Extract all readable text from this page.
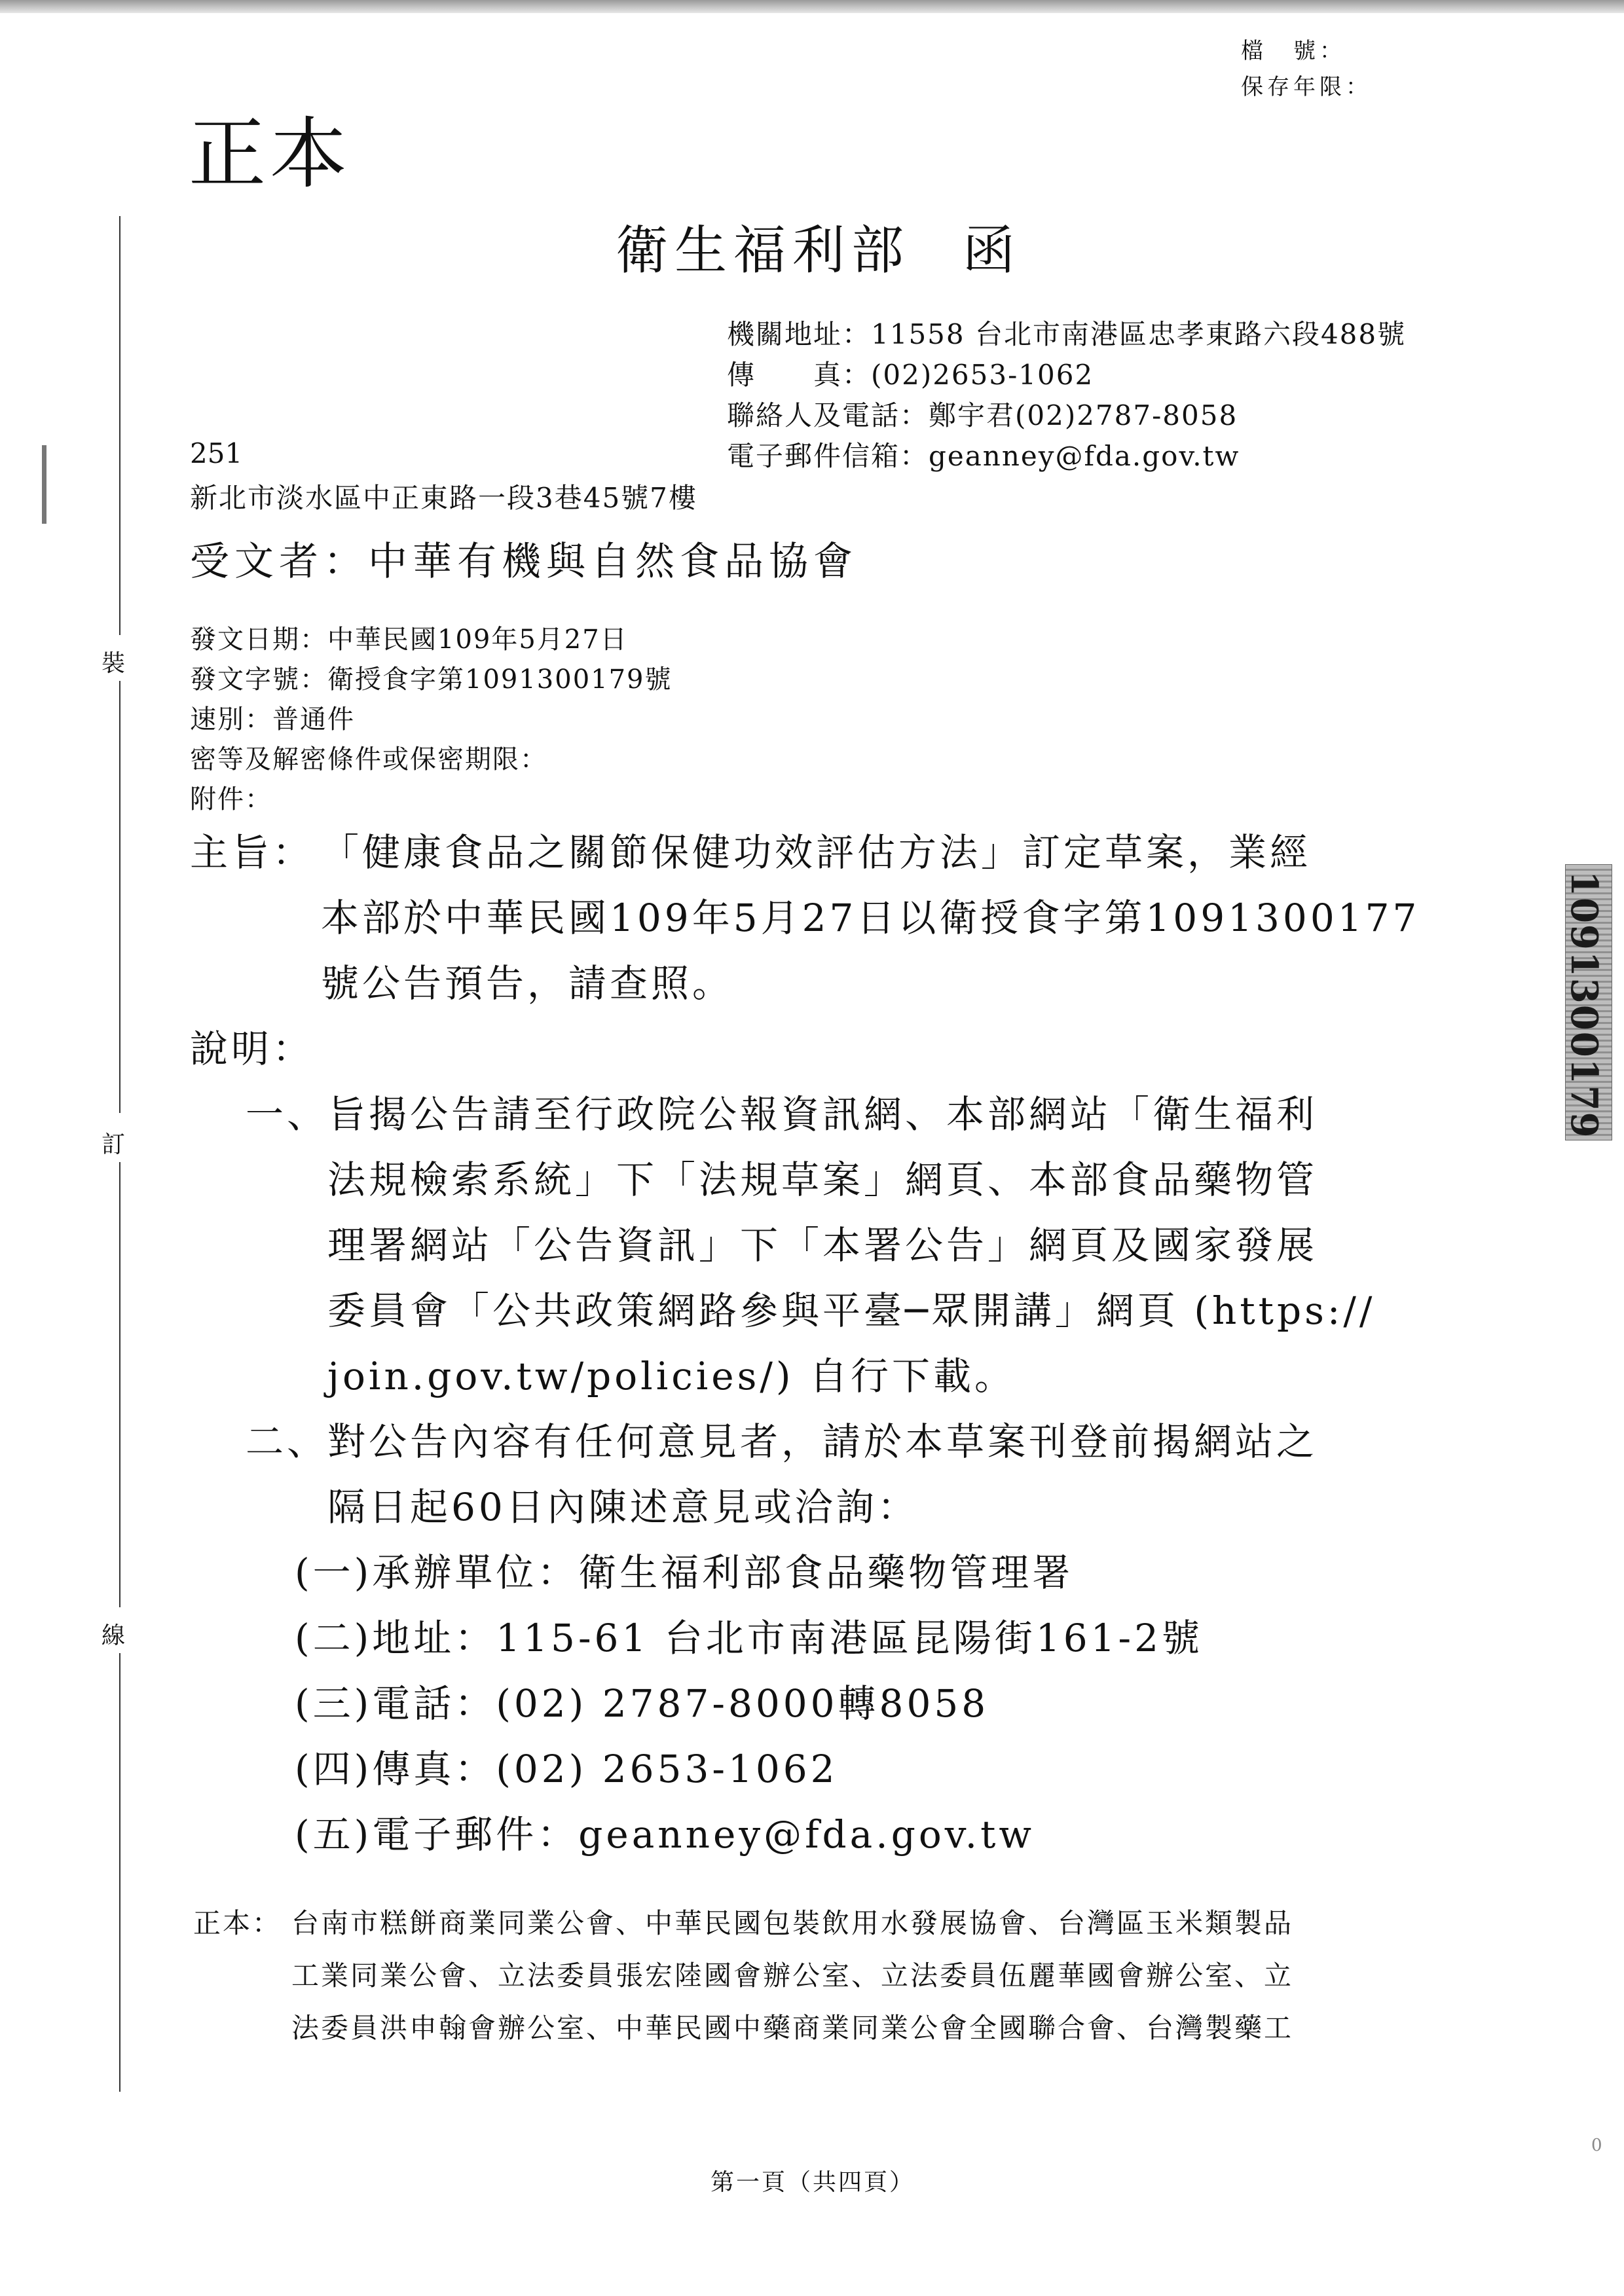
裝
訂
線
正本
檔　號：
保存年限：
衛生福利部 函
機關地址：11558 台北市南港區忠孝東路六段488號
傳　　真：(02)2653-1062
聯絡人及電話：鄭宇君(02)2787-8058
電子郵件信箱：geanney@fda.gov.tw
251
新北市淡水區中正東路一段3巷45號7樓
受文者：中華有機與自然食品協會
發文日期：中華民國109年5月27日
發文字號：衛授食字第1091300179號
速別：普通件
密等及解密條件或保密期限：
附件：
主旨： 「健康食品之關節保健功效評估方法」訂定草案，業經
本部於中華民國109年5月27日以衛授食字第1091300177
號公告預告，請查照。
說明：
一、
旨揭公告請至行政院公報資訊網、本部網站「衛生福利
法規檢索系統」下「法規草案」網頁、本部食品藥物管
理署網站「公告資訊」下「本署公告」網頁及國家發展
委員會「公共政策網路參與平臺─眾開講」網頁 (https://
join.gov.tw/policies/) 自行下載。
二、
對公告內容有任何意見者，請於本草案刊登前揭網站之
隔日起60日內陳述意見或洽詢：
(一)承辦單位：衛生福利部食品藥物管理署
(二)地址：115-61 台北市南港區昆陽街161-2號
(三)電話：(02) 2787-8000轉8058
(四)傳真：(02) 2653-1062
(五)電子郵件：geanney@fda.gov.tw
正本： 台南市糕餅商業同業公會、中華民國包裝飲用水發展協會、台灣區玉米類製品
工業同業公會、立法委員張宏陸國會辦公室、立法委員伍麗華國會辦公室、立
法委員洪申翰會辦公室、中華民國中藥商業同業公會全國聯合會、台灣製藥工
第一頁（共四頁）
1091300179
0
